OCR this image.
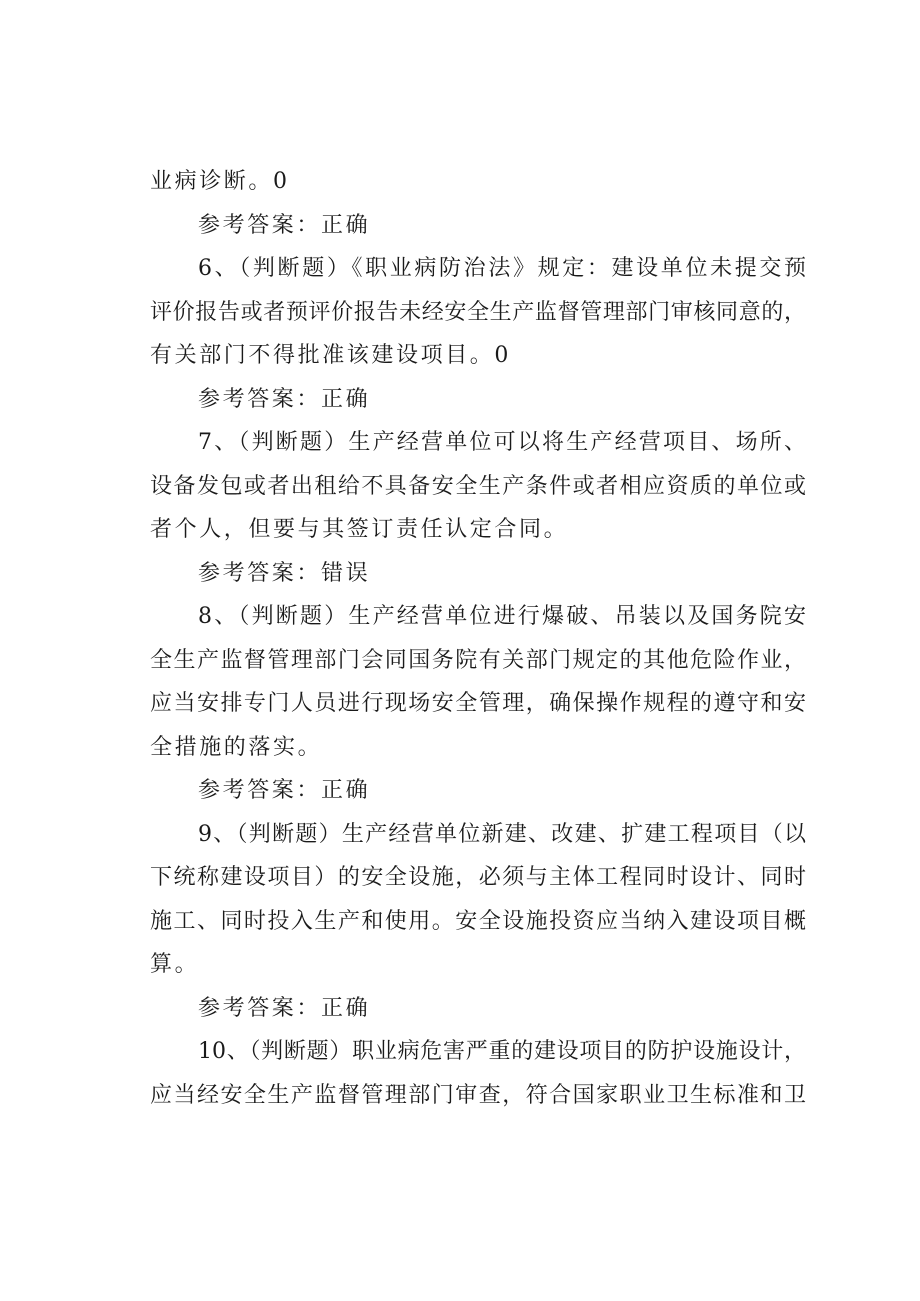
业病诊断。0
参考答案：正确
6、（判断题）《职业病防治法》规定：建设单位未提交预
评价报告或者预评价报告未经安全生产监督管理部门审核同意的，
有关部门不得批准该建设项目。0
参考答案：正确
7、（判断题）生产经营单位可以将生产经营项目、场所、
设备发包或者出租给不具备安全生产条件或者相应资质的单位或
者个人，但要与其签订责任认定合同。
参考答案：错误
8、（判断题）生产经营单位进行爆破、吊装以及国务院安
全生产监督管理部门会同国务院有关部门规定的其他危险作业，
应当安排专门人员进行现场安全管理，确保操作规程的遵守和安
全措施的落实。
参考答案：正确
9、（判断题）生产经营单位新建、改建、扩建工程项目（以
下统称建设项目）的安全设施，必须与主体工程同时设计、同时
施工、同时投入生产和使用。安全设施投资应当纳入建设项目概
算。
参考答案：正确
10、（判断题）职业病危害严重的建设项目的防护设施设计，
应当经安全生产监督管理部门审查，符合国家职业卫生标准和卫
